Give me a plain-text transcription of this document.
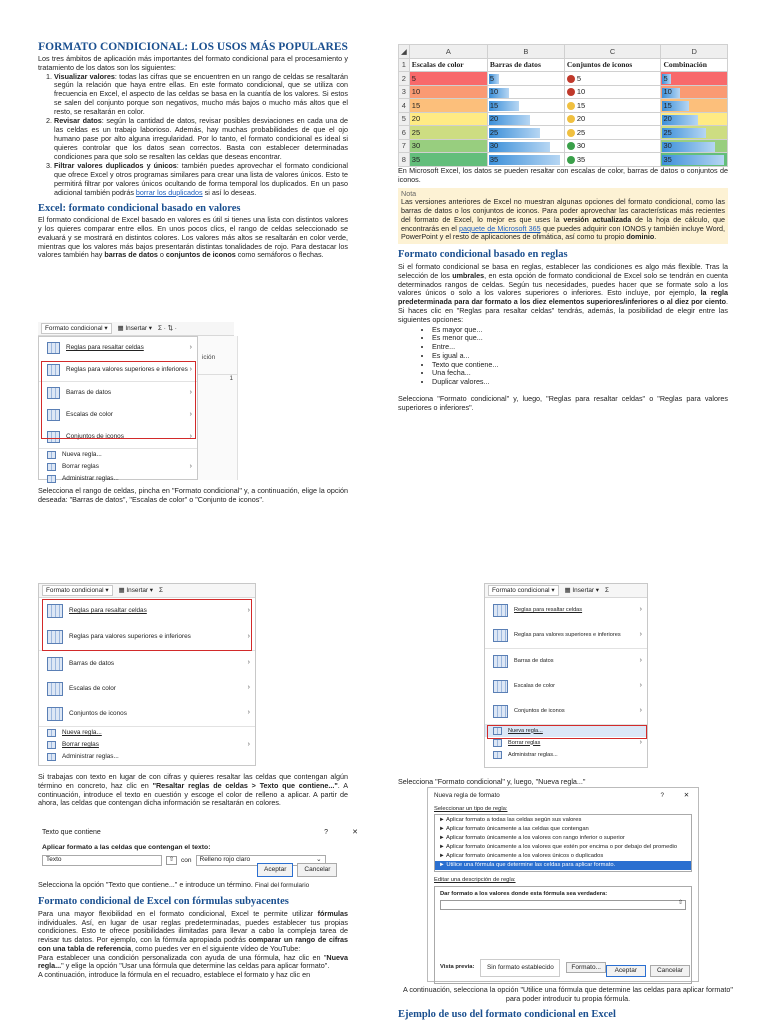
FORMATO CONDICIONAL: LOS USOS MÁS POPULARES

Los tres ámbitos de aplicación más importantes del formato condicional para el procesamiento y tratamiento de los datos son los siguientes:

1. Visualizar valores: todas las cifras que se encuentren en un rango de celdas se resaltarán según la relación que haya entre ellas. En este formato condicional, que se utiliza con frecuencia en Excel, el aspecto de las celdas se basa en la cuantía de los valores. Si estos se salen del conjunto porque son negativos, mucho más bajos o mucho más altos que el resto, se resaltarán en color.
2. Revisar datos: según la cantidad de datos, revisar posibles desviaciones en cada una de las celdas es un trabajo laborioso. Además, hay muchas probabilidades de que el ojo humano pase por alto alguna irregularidad. Por lo tanto, el formato condicional es ideal si quieres controlar que los datos sean correctos. Basta con establecer determinadas condiciones para que solo se resalten las celdas que deseas encontrar.
3. Filtrar valores duplicados y únicos: también puedes aprovechar el formato condicional que ofrece Excel y otros programas similares para crear una lista de valores únicos. Esto te permitirá filtrar por valores únicos ocultando de forma temporal los duplicados. En un paso adicional también podrás borrar los duplicados si así lo deseas.
Excel: formato condicional basado en valores

El formato condicional de Excel basado en valores es útil si tienes una lista con distintos valores y los quieres comparar entre ellos. En unos pocos clics, el rango de celdas seleccionado se evaluará y se mostrará en distintos colores. Los valores más altos se resaltarán en color verde, mientras que los valores más bajos presentarán distintas tonalidades de rojo. Para destacar los valores también hay barras de datos o conjuntos de iconos como semáforos o flechas.

Formato condicional ▾	▦ Insertar ▾ Σ · ⇅ ·
Reglas para resaltar celdas	›
Reglas para valores superiores e inferiores ›
Barras de datos	›
Escalas de color	›
Conjuntos de iconos	›
Nueva regla...
Borrar reglas	›
Administrar reglas...
ición
1

Selecciona el rango de celdas, pincha en "Formato condicional" y, a continuación, elige la opción deseada: "Barras de datos", "Escalas de color" o "Conjunto de iconos".

◢	A	B	C	D
1	Escalas de color	Barras de datos	Conjuntos de iconos	Combinación
2	5	5	5	5
3	10	10	10	10
4	15	15	15	15
5	20	20	20	20
6	25	25	25	25
7	30	30	30	30
8	35	35	35	35

En Microsoft Excel, los datos se pueden resaltar con escalas de color, barras de datos o conjuntos de iconos.

Nota
Las versiones anteriores de Excel no muestran algunas opciones del formato condicional, como las barras de datos o los conjuntos de iconos. Para poder aprovechar las características más recientes del formato de Excel, lo mejor es que uses la versión actualizada de la hoja de cálculo, que encontrarás en el paquete de Microsoft 365 que puedes adquirir con IONOS y también incluye Word, PowerPoint y el resto de aplicaciones de ofimática, así como tu propio dominio.
Formato condicional basado en reglas

Si el formato condicional se basa en reglas, establecer las condiciones es algo más flexible. Tras la selección de los umbrales, en esta opción de formato condicional de Excel solo se tendrán en cuenta determinados rangos de celdas. Según tus necesidades, puedes hacer que se formate solo a los valores únicos o solo a los valores superiores o inferiores. Esto incluye, por ejemplo, la regla predeterminada para dar formato a los diez elementos superiores/inferiores o al diez por ciento. Si haces clic en "Reglas para resaltar celdas" tendrás, además, la posibilidad de elegir entre las siguientes opciones:

• Es mayor que...
• Es menor que...
• Entre...
• Es igual a...
• Texto que contiene...
• Una fecha...
• Duplicar valores...

Selecciona "Formato condicional" y, luego, "Reglas para resaltar celdas" o "Reglas para valores superiores o inferiores".

Formato condicional ▾	▦ Insertar ▾ Σ
Reglas para resaltar celdas	›
Reglas para valores superiores e inferiores	›
Barras de datos	›
Escalas de color	›
Conjuntos de iconos	›
Nueva regla...
Borrar reglas	›
Administrar reglas...

Si trabajas con texto en lugar de con cifras y quieres resaltar las celdas que contengan algún término en concreto, haz clic en "Resaltar reglas de celdas > Texto que contiene...". A continuación, introduce el texto en cuestión y escoge el color de relleno a aplicar. A partir de ahora, las celdas que contengan dicha información se resaltarán en colores.

Texto que contiene	?	✕
Aplicar formato a las celdas que contengan el texto:
Texto	⇧	con	Relleno rojo claro	⌄
Aceptar	Cancelar

Selecciona la opción "Texto que contiene..." e introduce un término. Final del formulario

Formato condicional de Excel con fórmulas subyacentes

Para una mayor flexibilidad en el formato condicional, Excel te permite utilizar fórmulas individuales. Así, en lugar de usar reglas predeterminadas, puedes establecer tus propias condiciones. Esto te ofrece posibilidades ilimitadas para llevar a cabo la compleja tarea de revisar tus datos. Por ejemplo, con la fórmula apropiada podrás comparar un rango de cifras con una tabla de referencia, como puedes ver en el siguiente vídeo de YouTube:

Para establecer una condición personalizada con ayuda de una fórmula, haz clic en "Nueva regla..." y elige la opción "Usar una fórmula que determine las celdas para aplicar formato".

A continuación, introduce la fórmula en el recuadro, establece el formato y haz clic en

Formato condicional ▾	▦ Insertar ▾ Σ
Reglas para resaltar celdas	›
Reglas para valores superiores e inferiores	›
Barras de datos	›
Escalas de color	›
Conjuntos de iconos	›
Nueva regla...
Borrar reglas	›
Administrar reglas...

Selecciona "Formato condicional" y, luego, "Nueva regla..."

Nueva regla de formato	?	✕
Seleccionar un tipo de regla:
► Aplicar formato a todas las celdas según sus valores
► Aplicar formato únicamente a las celdas que contengan
► Aplicar formato únicamente a los valores con rango inferior o superior
► Aplicar formato únicamente a los valores que estén por encima o por debajo del promedio
► Aplicar formato únicamente a los valores únicos o duplicados
► Utilice una fórmula que determine las celdas para aplicar formato.
Editar una descripción de regla:
Dar formato a los valores donde esta fórmula sea verdadera:
⇧
Vista previa:	Sin formato establecido	Formato...
Aceptar	Cancelar

A continuación, selecciona la opción "Utilice una fórmula que determine las celdas para aplicar formato" para poder introducir tu propia fórmula.

Ejemplo de uso del formato condicional en Excel
